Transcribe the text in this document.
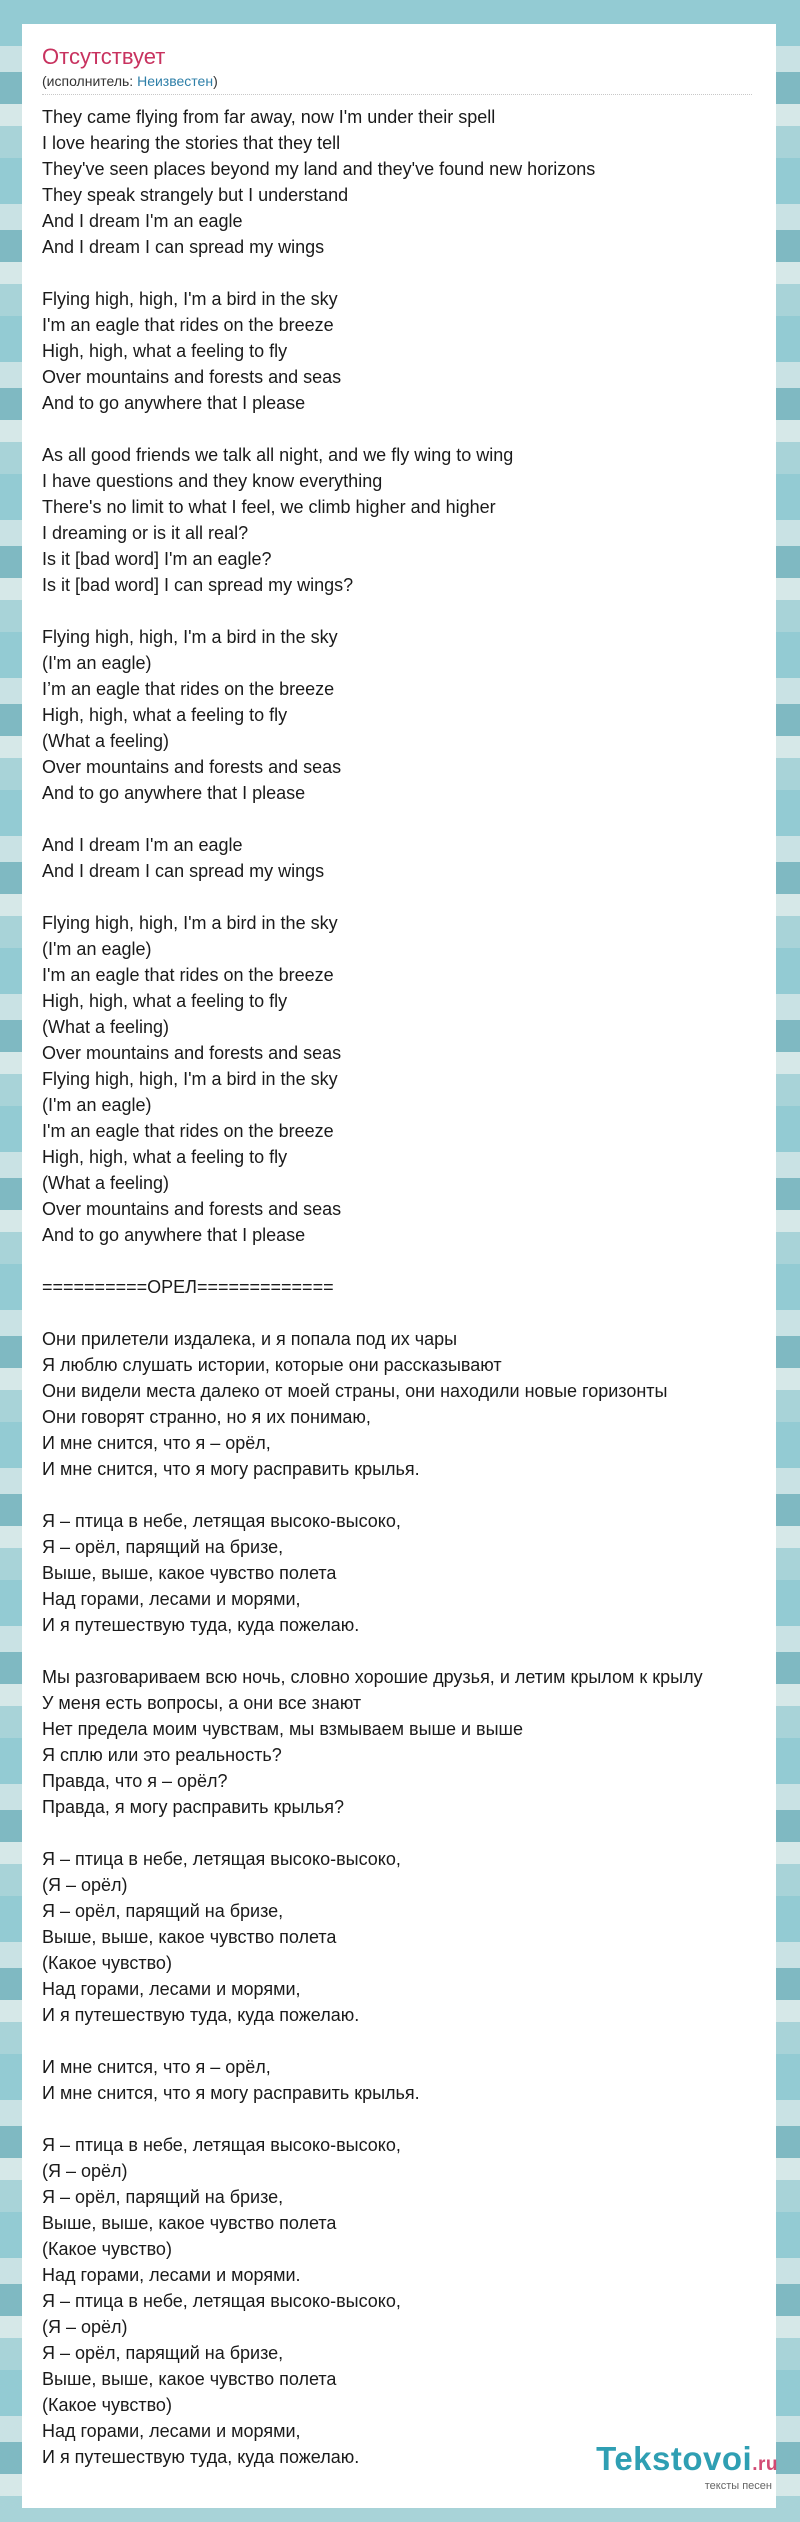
Отсутствует
(исполнитель: Неизвестен)
They came flying from far away, now I'm under their spell
I love hearing the stories that they tell
They've seen places beyond my land and they've found new horizons
They speak strangely but I understand
And I dream I'm an eagle
And I dream I can spread my wings

Flying high, high, I'm a bird in the sky
I'm an eagle that rides on the breeze
High, high, what a feeling to fly
Over mountains and forests and seas
And to go anywhere that I please

As all good friends we talk all night, and we fly wing to wing
I have questions and they know everything
There's no limit to what I feel, we climb higher and higher
I dreaming or is it all real?
Is it [bad word] I'm an eagle?
Is it [bad word] I can spread my wings?

Flying high, high, I'm a bird in the sky
(I'm an eagle)
I’m an eagle that rides on the breeze
High, high, what a feeling to fly
(What a feeling)
Over mountains and forests and seas
And to go anywhere that I please

And I dream I'm an eagle
And I dream I can spread my wings

Flying high, high, I'm a bird in the sky
(I'm an eagle)
I'm an eagle that rides on the breeze
High, high, what a feeling to fly
(What a feeling)
Over mountains and forests and seas
Flying high, high, I'm a bird in the sky
(I'm an eagle)
I'm an eagle that rides on the breeze
High, high, what a feeling to fly
(What a feeling)
Over mountains and forests and seas
And to go anywhere that I please

==========ОРЕЛ=============

Они прилетели издалека, и я попала под их чары
Я люблю слушать истории, которые они рассказывают
Они видели места далеко от моей страны, они находили новые горизонты
Они говорят странно, но я их понимаю,
И мне снится, что я – орёл,
И мне снится, что я могу расправить крылья.

Я – птица в небе, летящая высоко-высоко,
Я – орёл, парящий на бризе,
Выше, выше, какое чувство полета
Над горами, лесами и морями,
И я путешествую туда, куда пожелаю.

Мы разговариваем всю ночь, словно хорошие друзья, и летим крылом к крылу
У меня есть вопросы, а они все знают
Нет предела моим чувствам, мы взмываем выше и выше
Я сплю или это реальность?
Правда, что я – орёл?
Правда, я могу расправить крылья?

Я – птица в небе, летящая высоко-высоко,
(Я – орёл)
Я – орёл, парящий на бризе,
Выше, выше, какое чувство полета
(Какое чувство)
Над горами, лесами и морями,
И я путешествую туда, куда пожелаю.

И мне снится, что я – орёл,
И мне снится, что я могу расправить крылья.

Я – птица в небе, летящая высоко-высоко,
(Я – орёл)
Я – орёл, парящий на бризе,
Выше, выше, какое чувство полета
(Какое чувство)
Над горами, лесами и морями.
Я – птица в небе, летящая высоко-высоко,
(Я – орёл)
Я – орёл, парящий на бризе,
Выше, выше, какое чувство полета
(Какое чувство)
Над горами, лесами и морями,
И я путешествую туда, куда пожелаю.	Tekstovoi.ru
тексты песен
